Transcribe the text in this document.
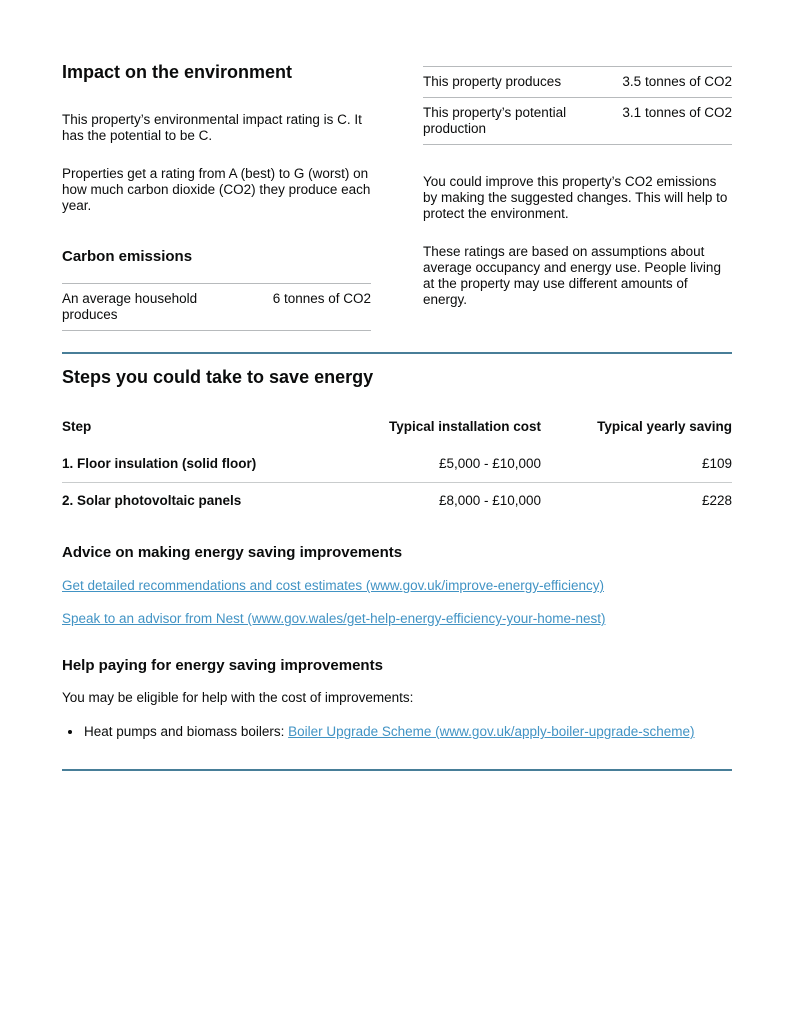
Impact on the environment

This property’s environmental impact rating is C. It has the potential to be C.

Properties get a rating from A (best) to G (worst) on how much carbon dioxide (CO2) they produce each year.

Carbon emissions
An average household produces	6 tonnes of CO2
This property produces	3.5 tonnes of CO2
This property’s potential production	3.1 tonnes of CO2

You could improve this property’s CO2 emissions by making the suggested changes. This will help to protect the environment.

These ratings are based on assumptions about average occupancy and energy use. People living at the property may use different amounts of energy.

Steps you could take to save energy
Step	Typical installation cost	Typical yearly saving
1. Floor insulation (solid floor)	£5,000 - £10,000	£109
2. Solar photovoltaic panels	£8,000 - £10,000	£228
Advice on making energy saving improvements
Get detailed recommendations and cost estimates (www.gov.uk/improve-energy-efficiency)
Speak to an advisor from Nest (www.gov.wales/get-help-energy-efficiency-your-home-nest)
Help paying for energy saving improvements

You may be eligible for help with the cost of improvements:

• Heat pumps and biomass boilers: Boiler Upgrade Scheme (www.gov.uk/apply-boiler-upgrade-scheme)
